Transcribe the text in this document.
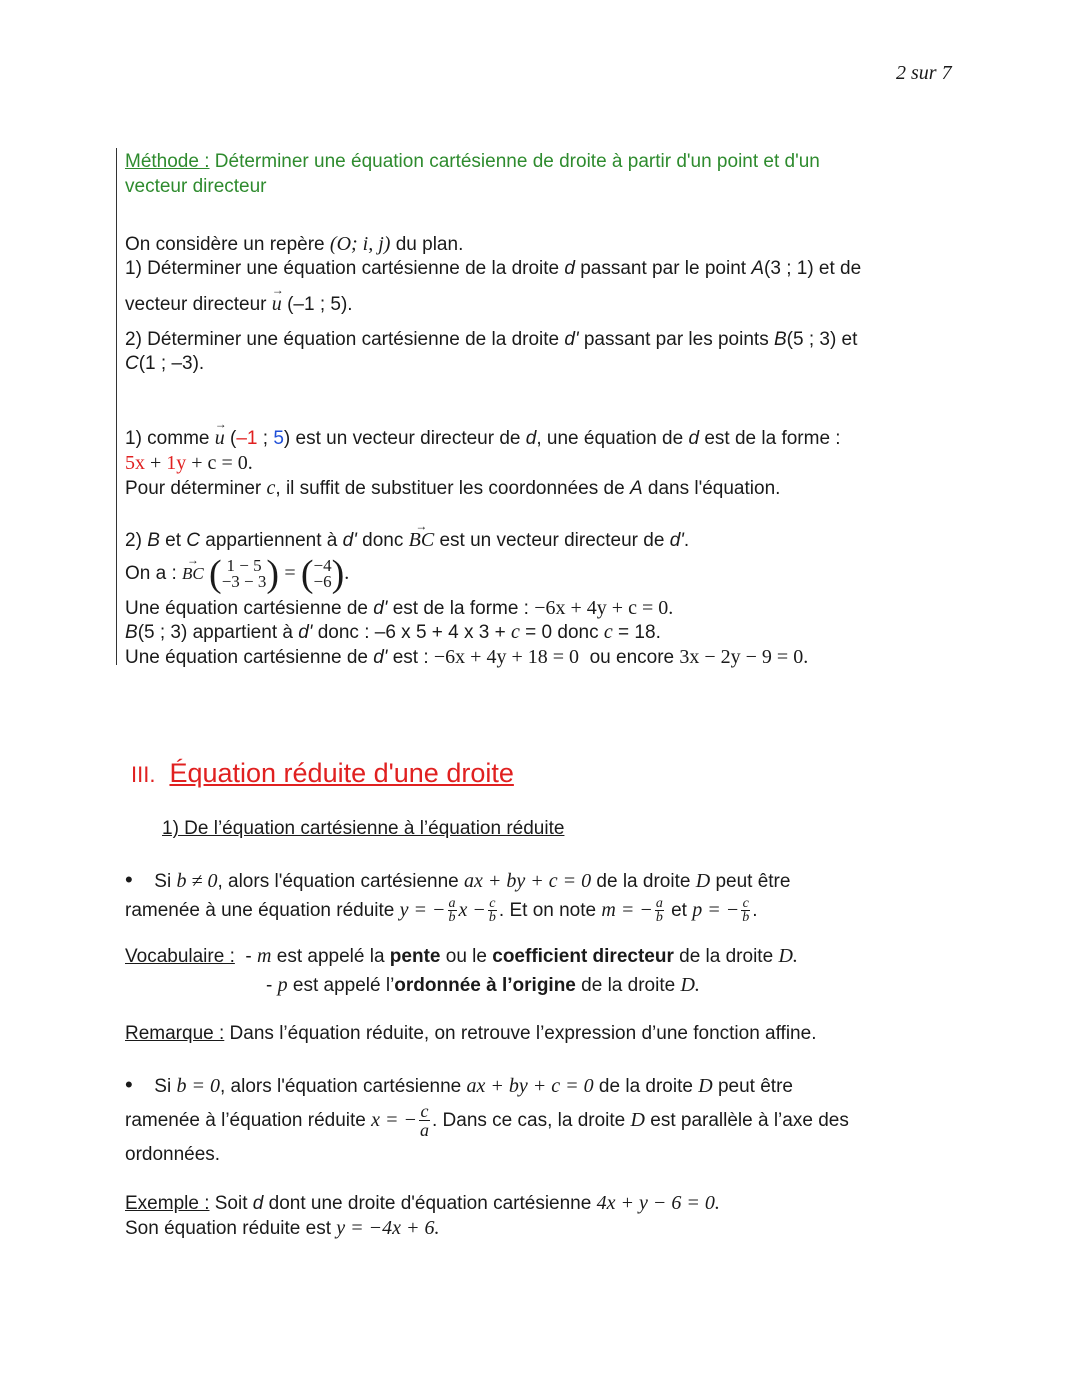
2 sur 7
Méthode : Déterminer une équation cartésienne de droite à partir d'un point et d'un
vecteur directeur
On considère un repère (O; i, j) du plan.
1) Déterminer une équation cartésienne de la droite d passant par le point A(3 ; 1) et de
vecteur directeur → u (–1 ; 5).
2) Déterminer une équation cartésienne de la droite d' passant par les points B(5 ; 3) et
C(1 ; –3).
1) comme → u (–1 ; 5) est un vecteur directeur de d, une équation de d est de la forme :
5x + 1y + c = 0.
Pour déterminer c, il suffit de substituer les coordonnées de A dans l'équation.
2) B et C appartiennent à d' donc → BC est un vecteur directeur de d'.
On a : → BC ( 1 − 5
−3 − 3 ) = ( −4
−6 ).
Une équation cartésienne de d' est de la forme : −6x + 4y + c = 0.
B(5 ; 3) appartient à d' donc : –6 x 5 + 4 x 3 + c = 0 donc c = 18.
Une équation cartésienne de d' est : −6x + 4y + 18 = 0  ou encore 3x − 2y − 9 = 0.
III. Équation réduite d'une droite
1) De l’équation cartésienne à l’équation réduite
• Si b ≠ 0, alors l'équation cartésienne ax + by + c = 0 de la droite D peut être
ramenée à une équation réduite y = − $\frac{a}{b}$ $x - \frac{c}{b}$ . Et on note m = − $\frac{a}{b}$ et p = − $\frac{c}{b}$ .
Vocabulaire :  - m est appelé la pente ou le coefficient directeur de la droite D.
- p est appelé l’ordonnée à l’origine de la droite D.
Remarque : Dans l’équation réduite, on retrouve l’expression d’une fonction affine.
• Si b = 0, alors l'équation cartésienne ax + by + c = 0 de la droite D peut être
ramenée à l’équation réduite x = − $\frac{c}{a}$ . Dans ce cas, la droite D est parallèle à l’axe des
ordonnées.
Exemple : Soit d dont une droite d'équation cartésienne 4x + y − 6 = 0.
Son équation réduite est y = −4x + 6.
